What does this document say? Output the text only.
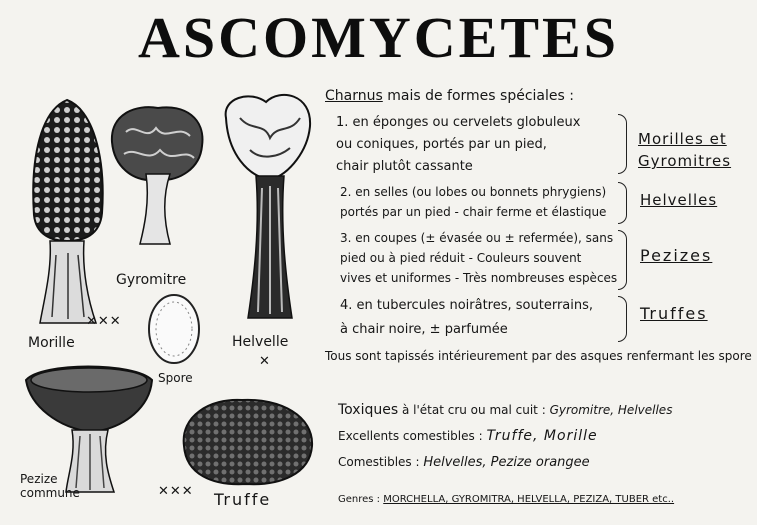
ASCOMYCETES
✕✕✕
Morille
Gyromitre
Spore
Helvelle
✕
Pezize
commune	✕✕✕ Truffe
Charnus mais de formes spéciales :
1. en éponges ou cervelets globuleux
ou coniques, portés par un pied,
chair plutôt cassante
Morilles et
Gyromitres
2. en selles (ou lobes ou bonnets phrygiens)
portés par un pied - chair ferme et élastique
Helvelles
3. en coupes (± évasée ou ± refermée), sans
pied ou à pied réduit - Couleurs souvent
vives et uniformes - Très nombreuses espèces
Pezizes
4. en tubercules noirâtres, souterrains,
à chair noire, ± parfumée
Truffes
Tous sont tapissés intérieurement par des asques renfermant les spore
Toxiques à l'état cru ou mal cuit : Gyromitre, Helvelles
Excellents comestibles : Truffe, Morille
Comestibles : Helvelles, Pezize orangee
Genres : MORCHELLA, GYROMITRA, HELVELLA, PEZIZA, TUBER etc..
